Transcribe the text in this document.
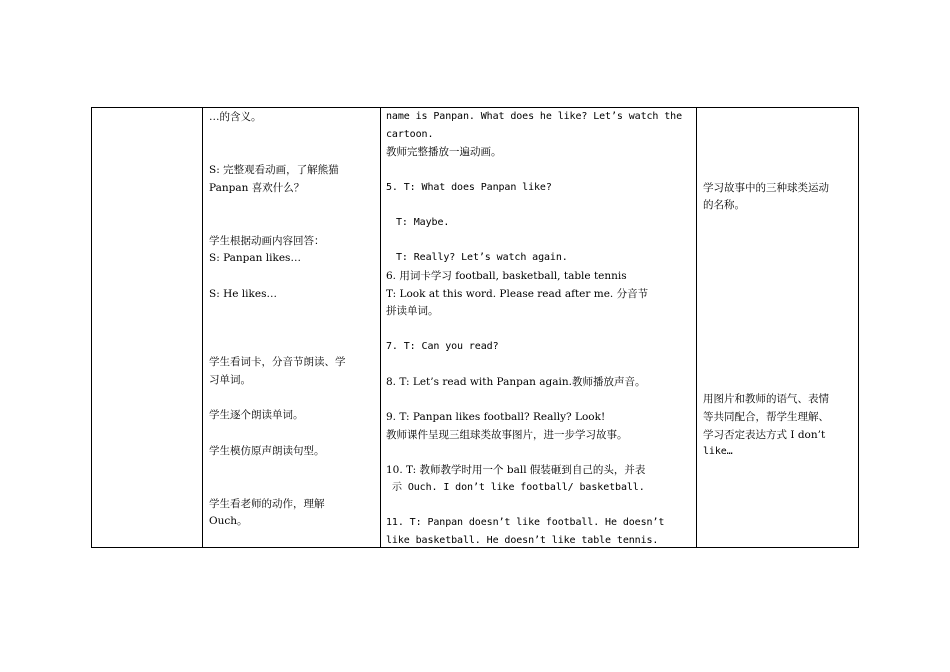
…的含义。
S: 完整观看动画，了解熊猫
Panpan 喜欢什么？
学生根据动画内容回答：
S: Panpan likes…
S: He likes…
学生看词卡，分音节朗读、学
习单词。
学生逐个朗读单词。
学生模仿原声朗读句型。
学生看老师的动作，理解
Ouch。
name is Panpan. What does he like? Let’s watch the
cartoon.
教师完整播放一遍动画。
5. T: What does Panpan like?
T: Maybe.
T: Really? Let’s watch again.
6. 用词卡学习 football, basketball, table tennis
T: Look at this word. Please read after me. 分音节
拼读单词。
7. T: Can you read?
8. T: Let’s read with Panpan again.教师播放声音。
9. T: Panpan likes football? Really? Look!
教师课件呈现三组球类故事图片，进一步学习故事。
10. T: 教师教学时用一个 ball 假装砸到自己的头，并表
示 Ouch. I don’t like football/ basketball.
11. T: Panpan doesn’t like football. He doesn’t
like basketball. He doesn’t like table tennis.
学习故事中的三种球类运动
的名称。
用图片和教师的语气、表情
等共同配合，帮学生理解、
学习否定表达方式 I don’t
like…
